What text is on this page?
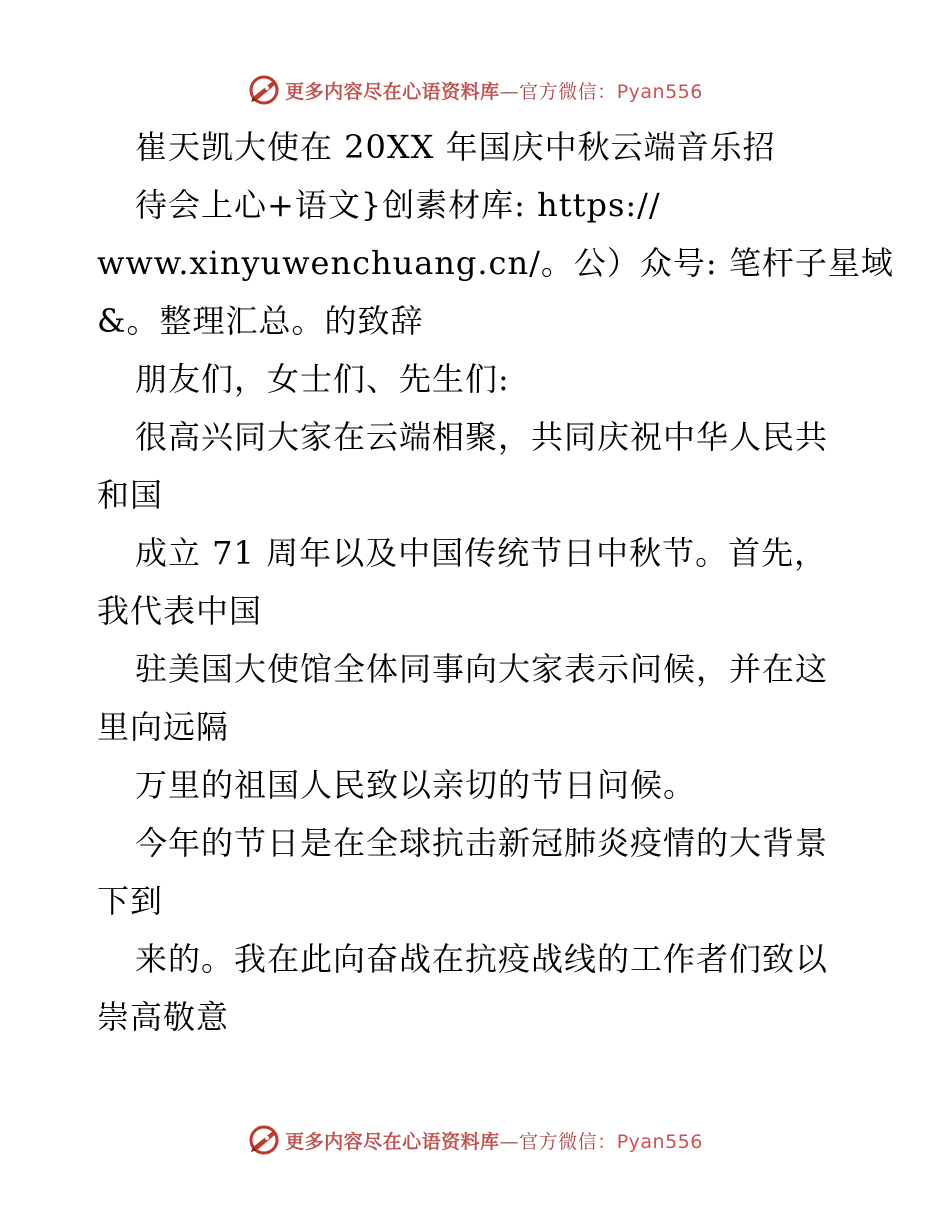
更多内容尽在心语资料库—官方微信：Pyan556

崔天凯大使在 20XX 年国庆中秋云端音乐招

待会上心+语文}创素材库: https://

www.xinyuwenchuang.cn/。公）众号: 笔杆子星域

&。整理汇总。的致辞

朋友们，女士们、先生们:

很高兴同大家在云端相聚，共同庆祝中华人民共

和国

成立 71 周年以及中国传统节日中秋节。首先，

我代表中国

驻美国大使馆全体同事向大家表示问候，并在这

里向远隔

万里的祖国人民致以亲切的节日问候。

今年的节日是在全球抗击新冠肺炎疫情的大背景

下到

来的。我在此向奋战在抗疫战线的工作者们致以

崇高敬意

更多内容尽在心语资料库—官方微信：Pyan556
